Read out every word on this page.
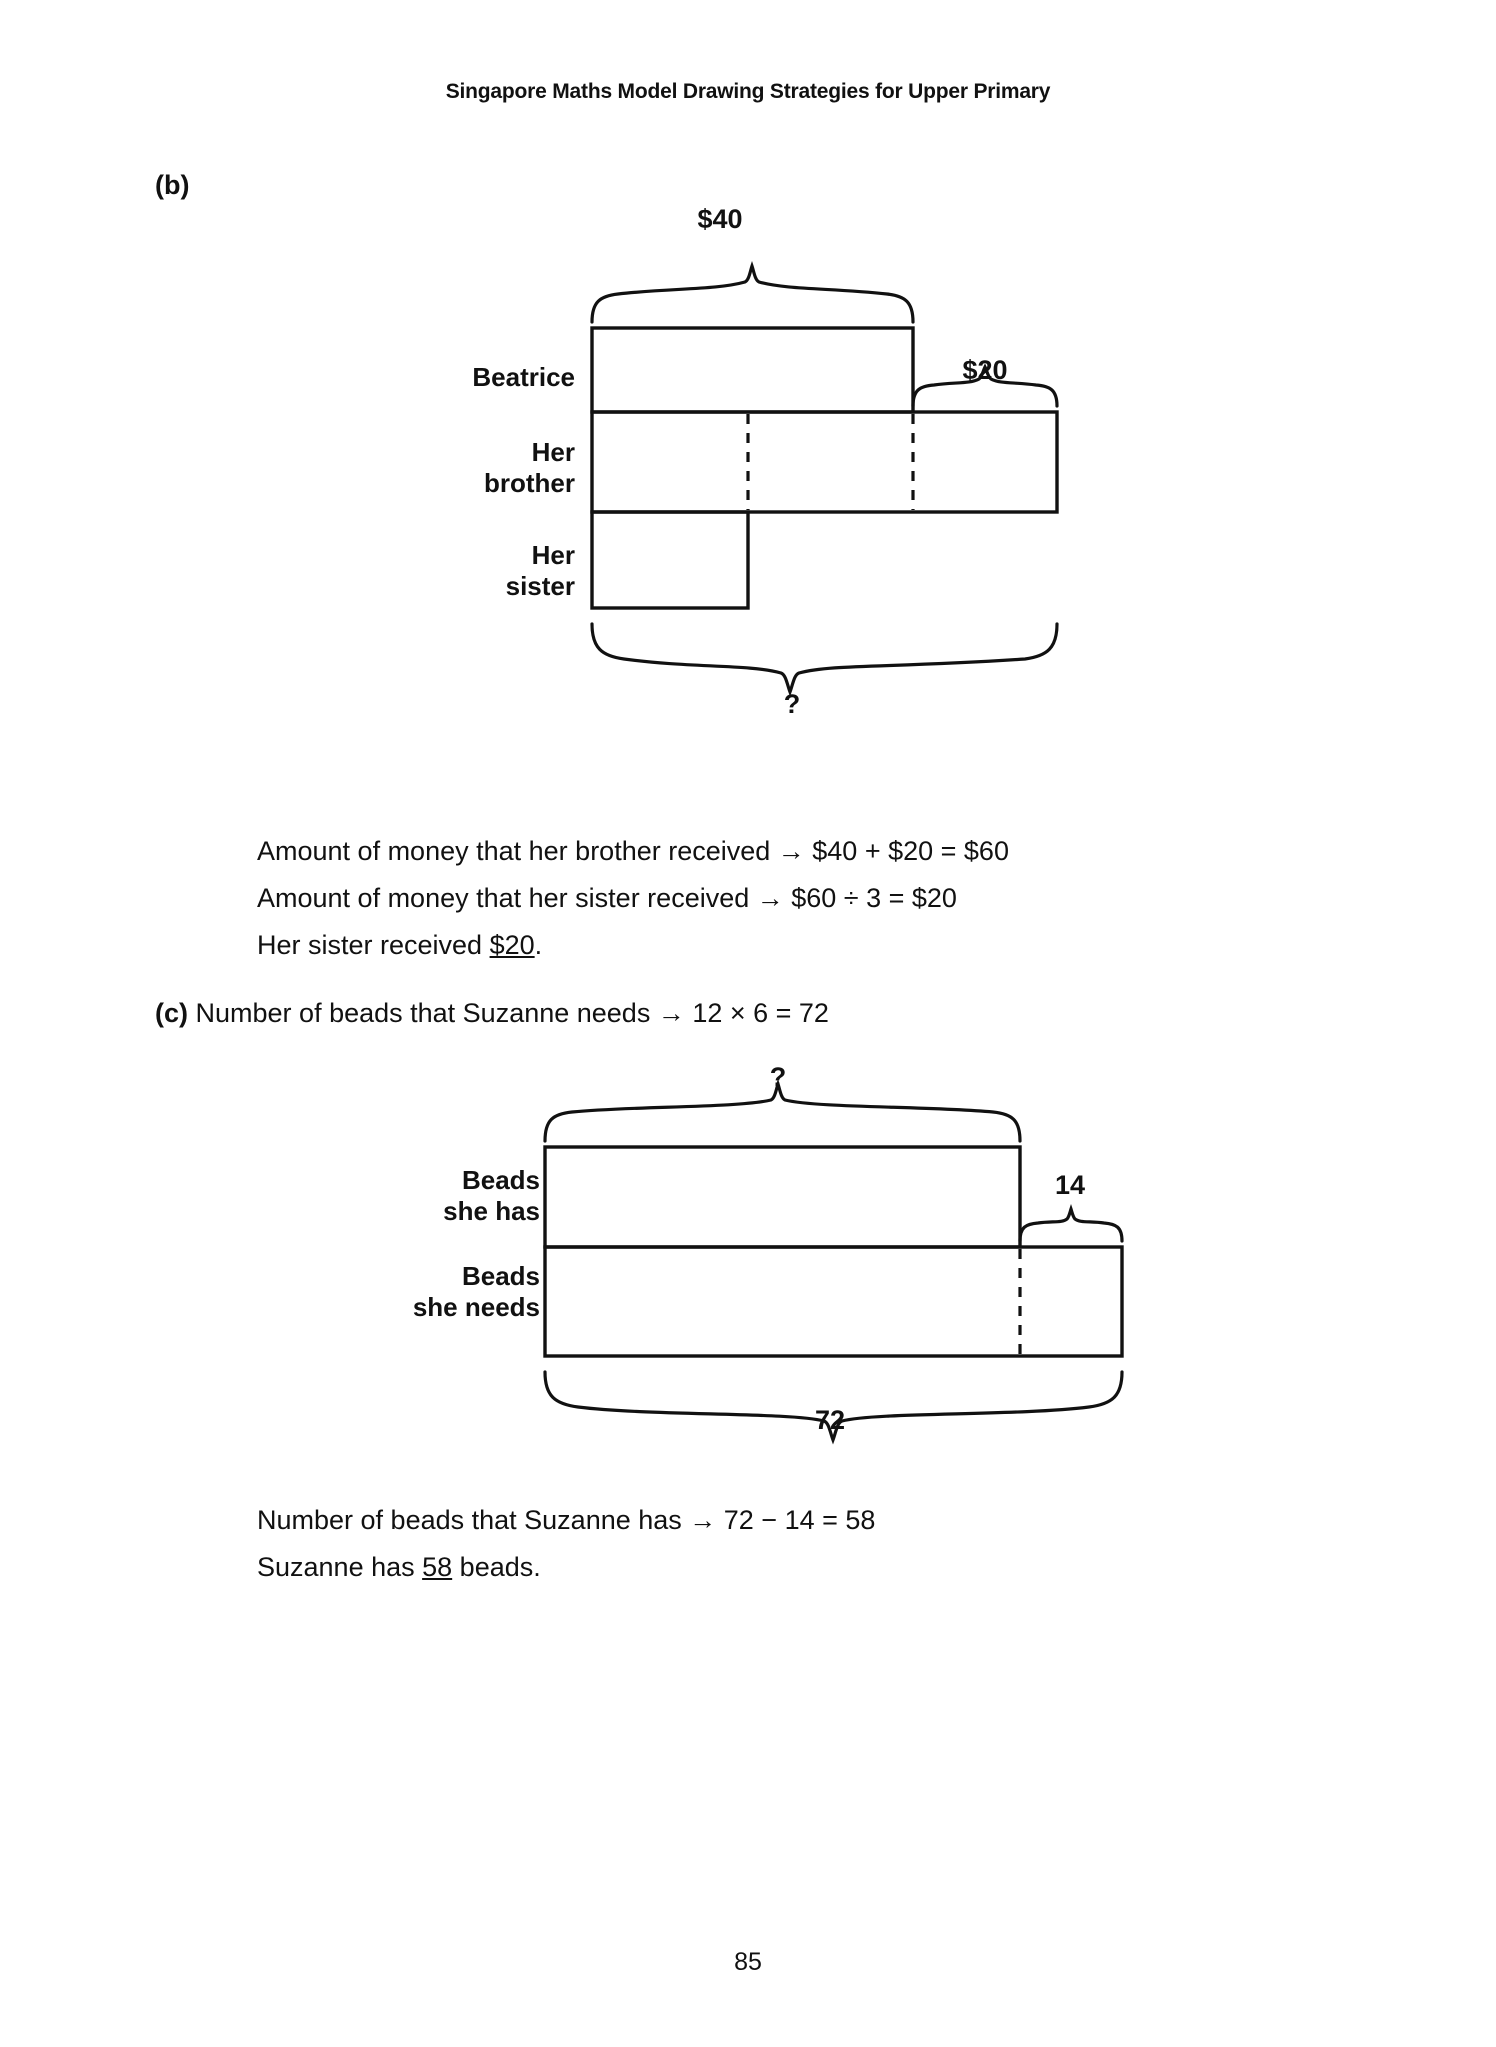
Singapore Maths Model Drawing Strategies for Upper Primary
(b)
Beatrice
Her
brother
Her
sister
$40
$20
?
Amount of money that her brother received → $40 + $20 = $60
Amount of money that her sister received → $60 ÷ 3 = $20
Her sister received $20.
(c) Number of beads that Suzanne needs → 12 × 6 = 72
Beads
she has
Beads
she needs
?
14
72
Number of beads that Suzanne has → 72 − 14 = 58
Suzanne has 58 beads.
85
